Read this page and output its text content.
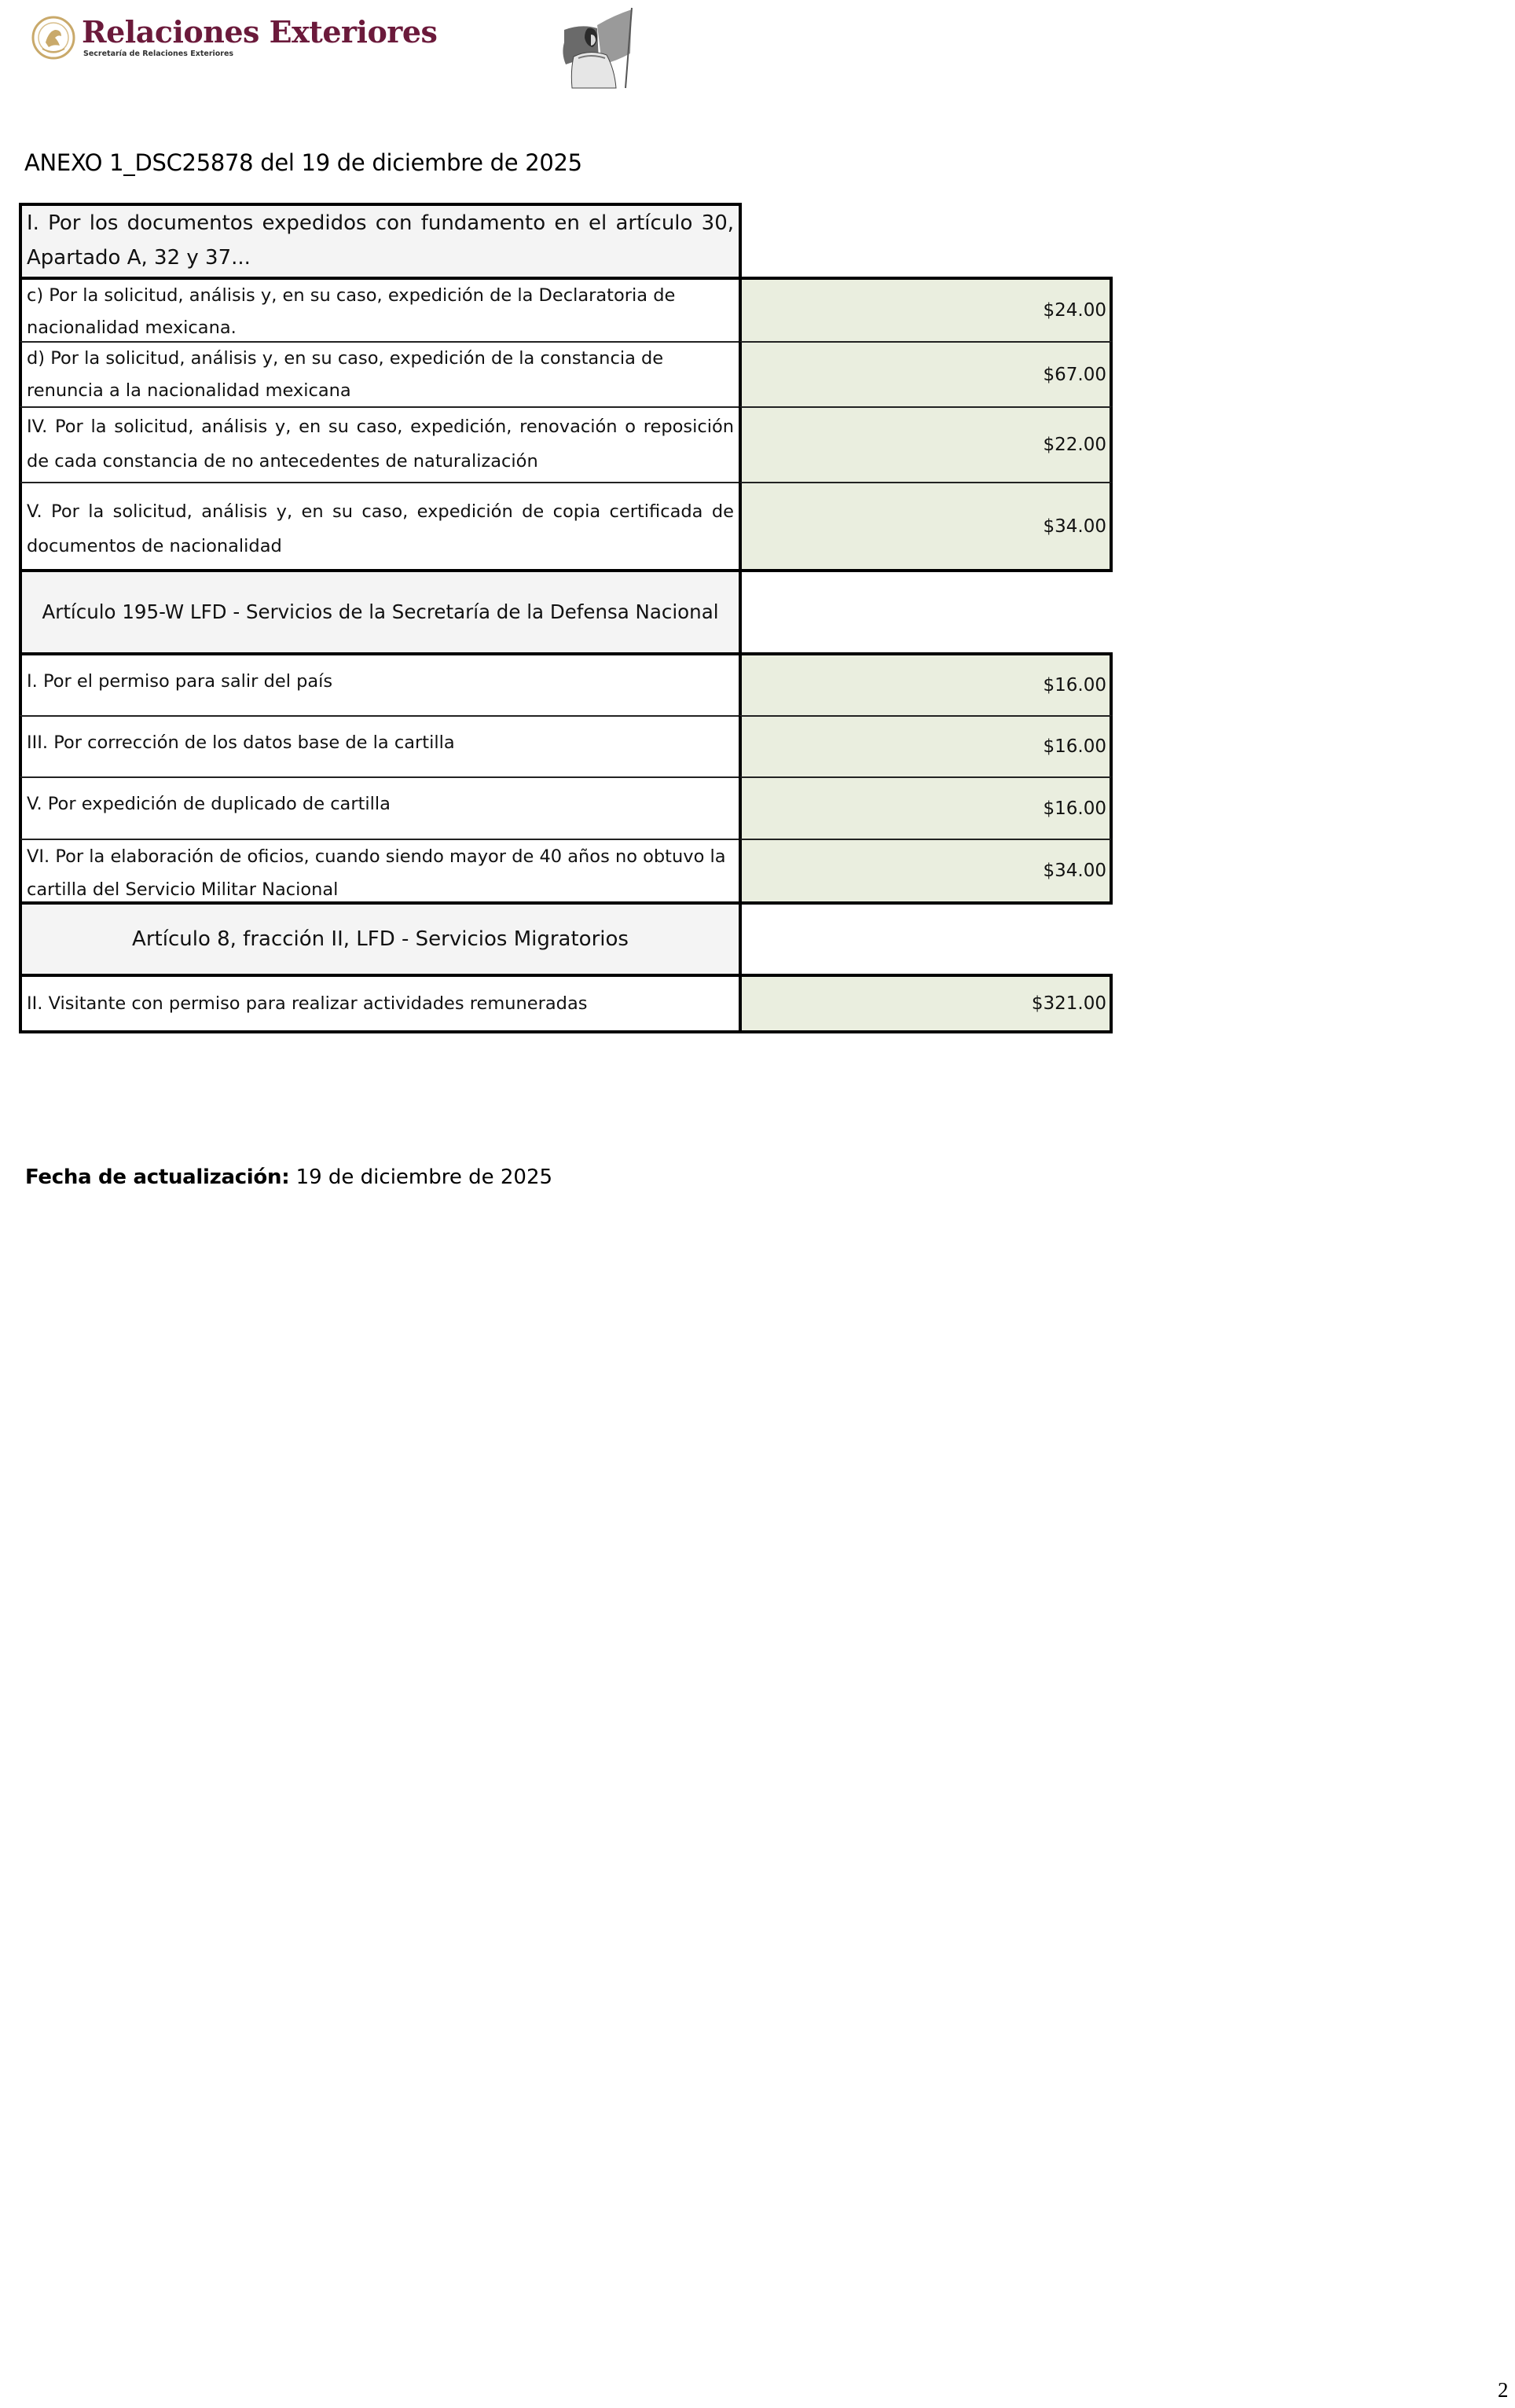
Relaciones Exteriores
Secretaría de Relaciones Exteriores
ANEXO 1_DSC25878 del 19 de diciembre de 2025
I. Por los documentos expedidos con fundamento en el artículo 30, Apartado A, 32 y 37...
c) Por la solicitud, análisis y, en su caso, expedición de la Declaratoria de nacionalidad mexicana.
$24.00
d) Por la solicitud, análisis y, en su caso, expedición de la constancia de renuncia a la nacionalidad mexicana
$67.00
IV. Por la solicitud, análisis y, en su caso, expedición, renovación o reposición de cada constancia de no antecedentes de naturalización
$22.00
V. Por la solicitud, análisis y, en su caso, expedición de copia certificada de documentos de nacionalidad
$34.00
Artículo 195-W LFD - Servicios de la Secretaría de la Defensa Nacional
I. Por el permiso para salir del país	$16.00
III. Por corrección de los datos base de la cartilla	$16.00
V. Por expedición de duplicado de cartilla	$16.00
VI. Por la elaboración de oficios, cuando siendo mayor de 40 años no obtuvo la cartilla del Servicio Militar Nacional
$34.00
Artículo 8, fracción II, LFD - Servicios Migratorios
II. Visitante con permiso para realizar actividades remuneradas	$321.00
Fecha de actualización: 19 de diciembre de 2025
2
